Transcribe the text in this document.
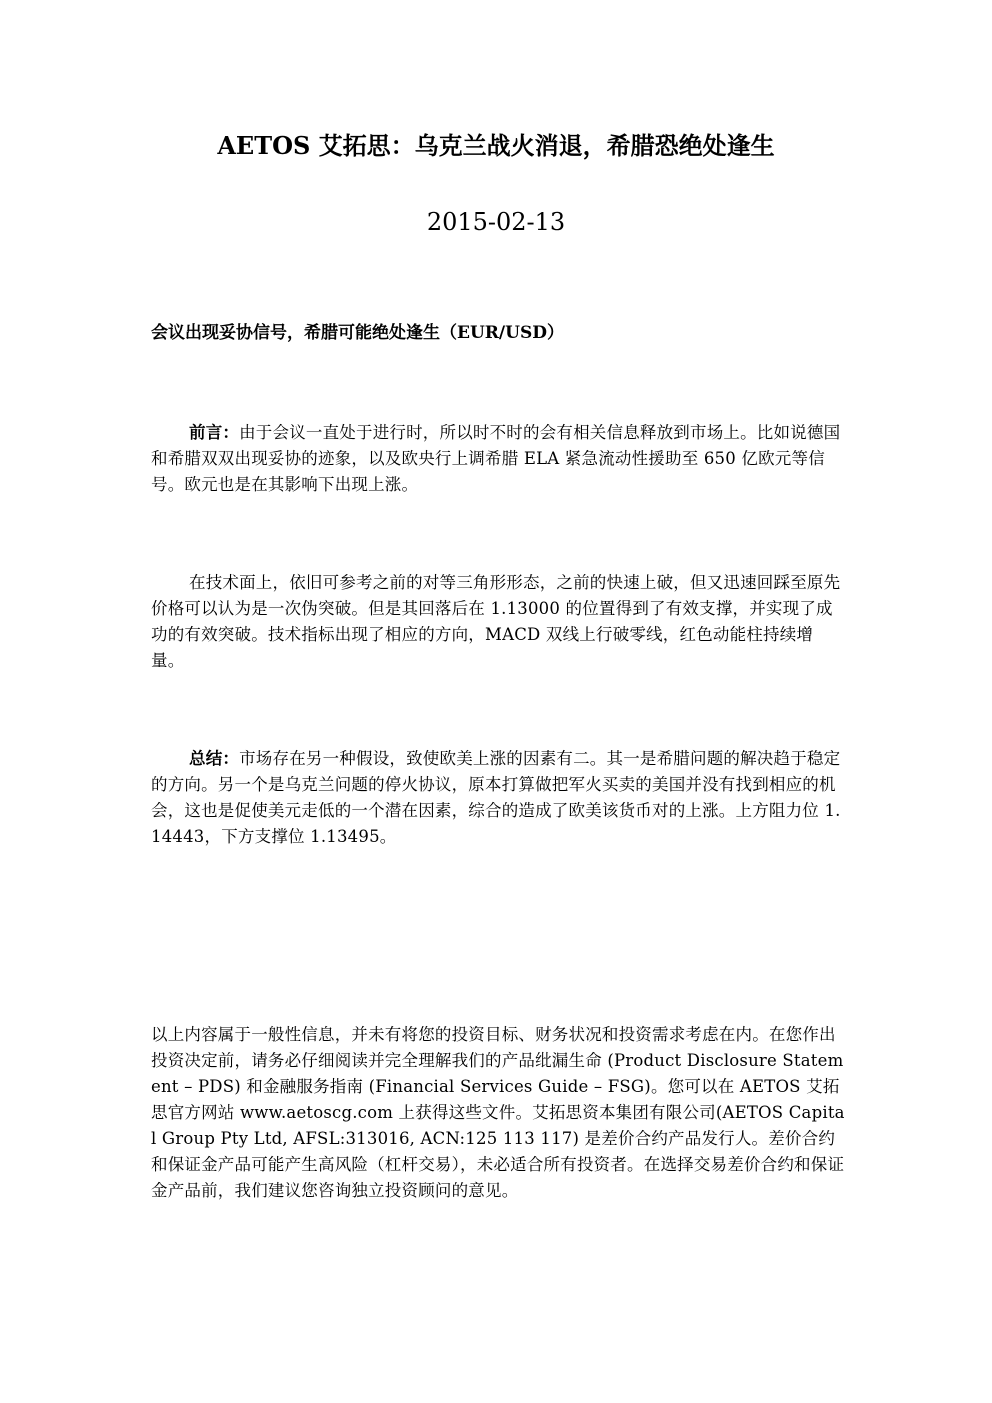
AETOS 艾拓思：乌克兰战火消退，希腊恐绝处逢生
2015-02-13
会议出现妥协信号，希腊可能绝处逢生（EUR/USD）
前言：由于会议一直处于进行时，所以时不时的会有相关信息释放到市场上。比如说德国和希腊双双出现妥协的迹象，以及欧央行上调希腊 ELA 紧急流动性援助至 650 亿欧元等信号。欧元也是在其影响下出现上涨。
在技术面上，依旧可参考之前的对等三角形形态，之前的快速上破，但又迅速回踩至原先价格可以认为是一次伪突破。但是其回落后在 1.13000 的位置得到了有效支撑，并实现了成功的有效突破。技术指标出现了相应的方向，MACD 双线上行破零线，红色动能柱持续增量。
总结：市场存在另一种假设，致使欧美上涨的因素有二。其一是希腊问题的解决趋于稳定的方向。另一个是乌克兰问题的停火协议，原本打算做把军火买卖的美国并没有找到相应的机会，这也是促使美元走低的一个潜在因素，综合的造成了欧美该货币对的上涨。上方阻力位 1.14443，下方支撑位 1.13495。
以上内容属于一般性信息，并未有将您的投资目标、财务状况和投资需求考虑在内。在您作出投资决定前，请务必仔细阅读并完全理解我们的产品纰漏生命 (Product Disclosure Statement – PDS) 和金融服务指南 (Financial Services Guide – FSG)。您可以在 AETOS 艾拓思官方网站 www.aetoscg.com 上获得这些文件。艾拓思资本集团有限公司(AETOS Capital Group Pty Ltd, AFSL:313016, ACN:125 113 117) 是差价合约产品发行人。差价合约和保证金产品可能产生高风险（杠杆交易），未必适合所有投资者。在选择交易差价合约和保证金产品前，我们建议您咨询独立投资顾问的意见。
